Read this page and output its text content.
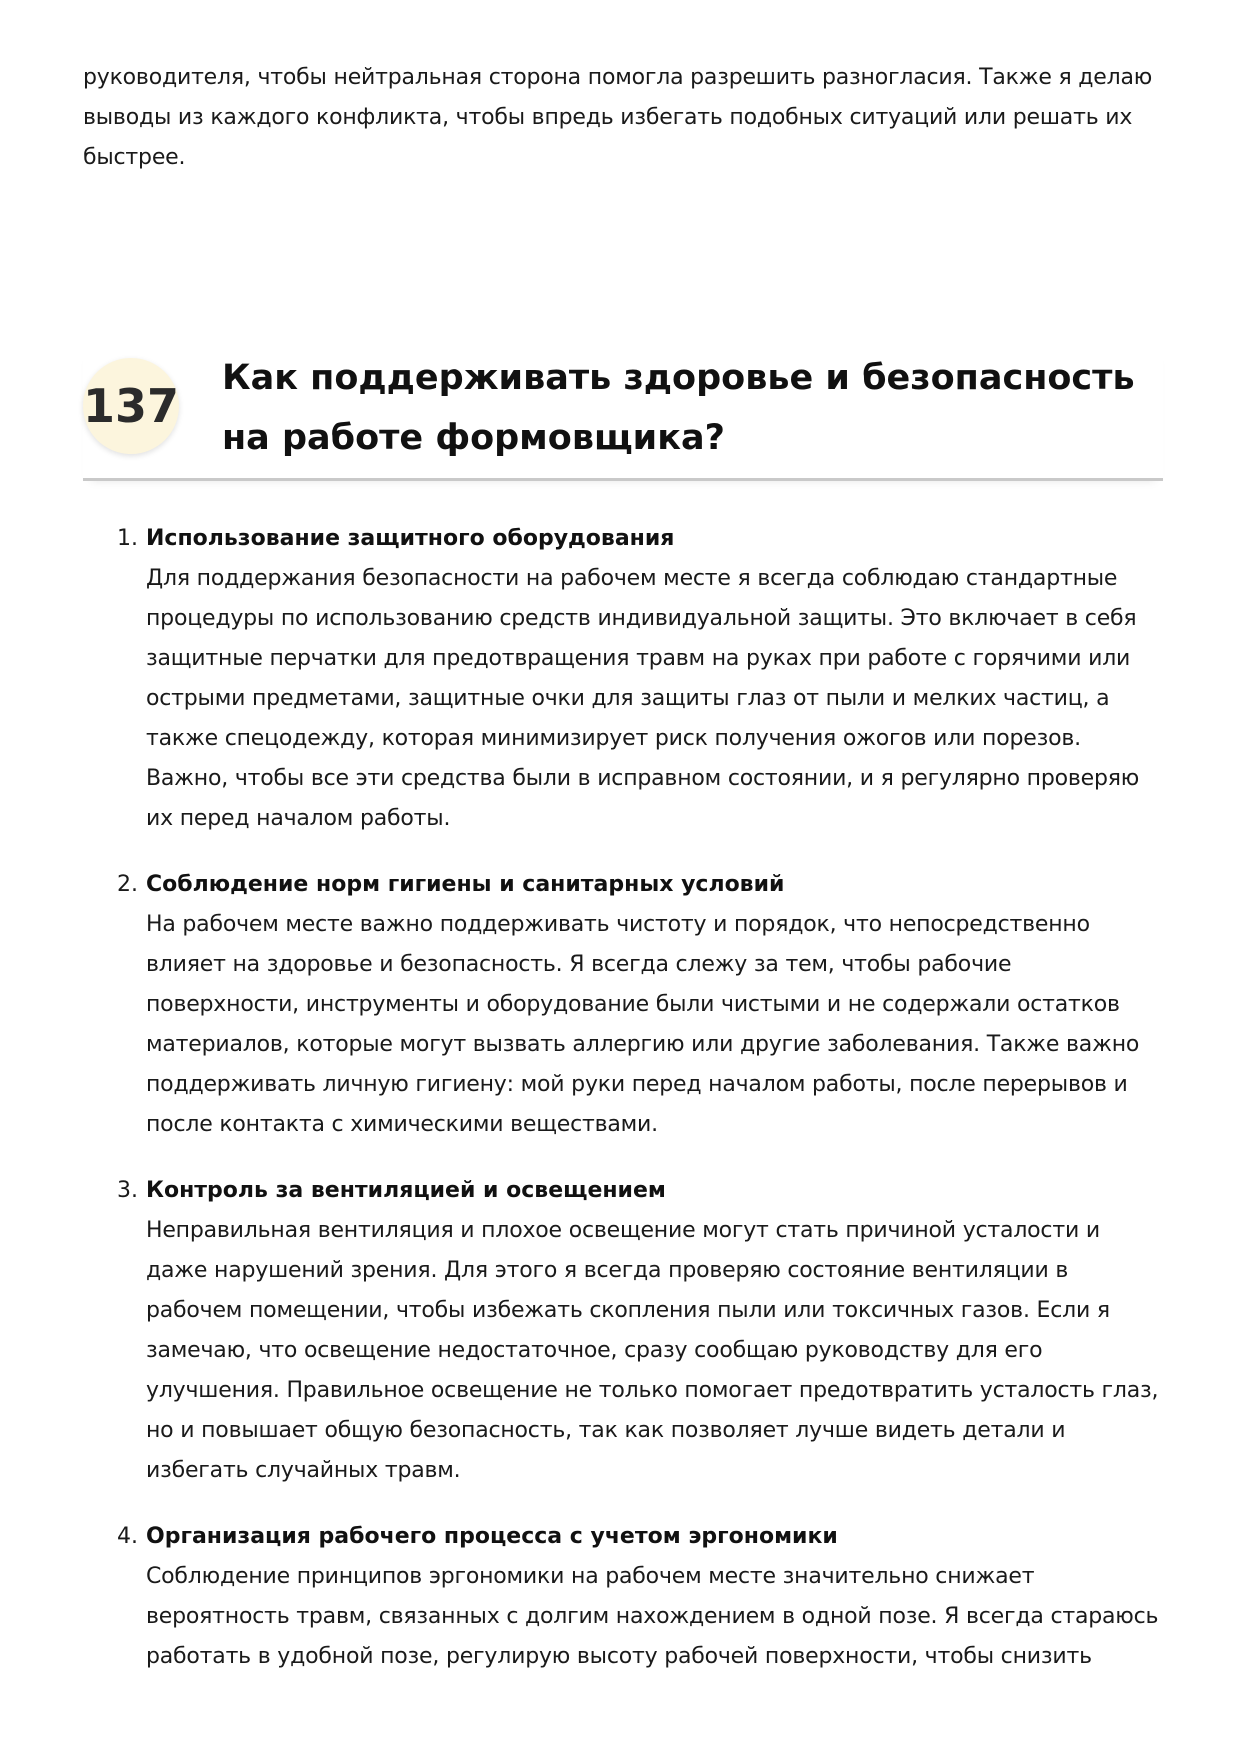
руководителя, чтобы нейтральная сторона помогла разрешить разногласия. Также я делаю выводы из каждого конфликта, чтобы впредь избегать подобных ситуаций или решать их быстрее.

137
Как поддерживать здоровье и безопасность на работе формовщика?
1. Использование защитного оборудования

Для поддержания безопасности на рабочем месте я всегда соблюдаю стандартные процедуры по использованию средств индивидуальной защиты. Это включает в себя защитные перчатки для предотвращения травм на руках при работе с горячими или острыми предметами, защитные очки для защиты глаз от пыли и мелких частиц, а также спецодежду, которая минимизирует риск получения ожогов или порезов. Важно, чтобы все эти средства были в исправном состоянии, и я регулярно проверяю их перед началом работы.

2. Соблюдение норм гигиены и санитарных условий

На рабочем месте важно поддерживать чистоту и порядок, что непосредственно влияет на здоровье и безопасность. Я всегда слежу за тем, чтобы рабочие поверхности, инструменты и оборудование были чистыми и не содержали остатков материалов, которые могут вызвать аллергию или другие заболевания. Также важно поддерживать личную гигиену: мой руки перед началом работы, после перерывов и после контакта с химическими веществами.

3. Контроль за вентиляцией и освещением

Неправильная вентиляция и плохое освещение могут стать причиной усталости и даже нарушений зрения. Для этого я всегда проверяю состояние вентиляции в рабочем помещении, чтобы избежать скопления пыли или токсичных газов. Если я замечаю, что освещение недостаточное, сразу сообщаю руководству для его улучшения. Правильное освещение не только помогает предотвратить усталость глаз, но и повышает общую безопасность, так как позволяет лучше видеть детали и избегать случайных травм.

4. Организация рабочего процесса с учетом эргономики

Соблюдение принципов эргономики на рабочем месте значительно снижает вероятность травм, связанных с долгим нахождением в одной позе. Я всегда стараюсь работать в удобной позе, регулирую высоту рабочей поверхности, чтобы снизить
